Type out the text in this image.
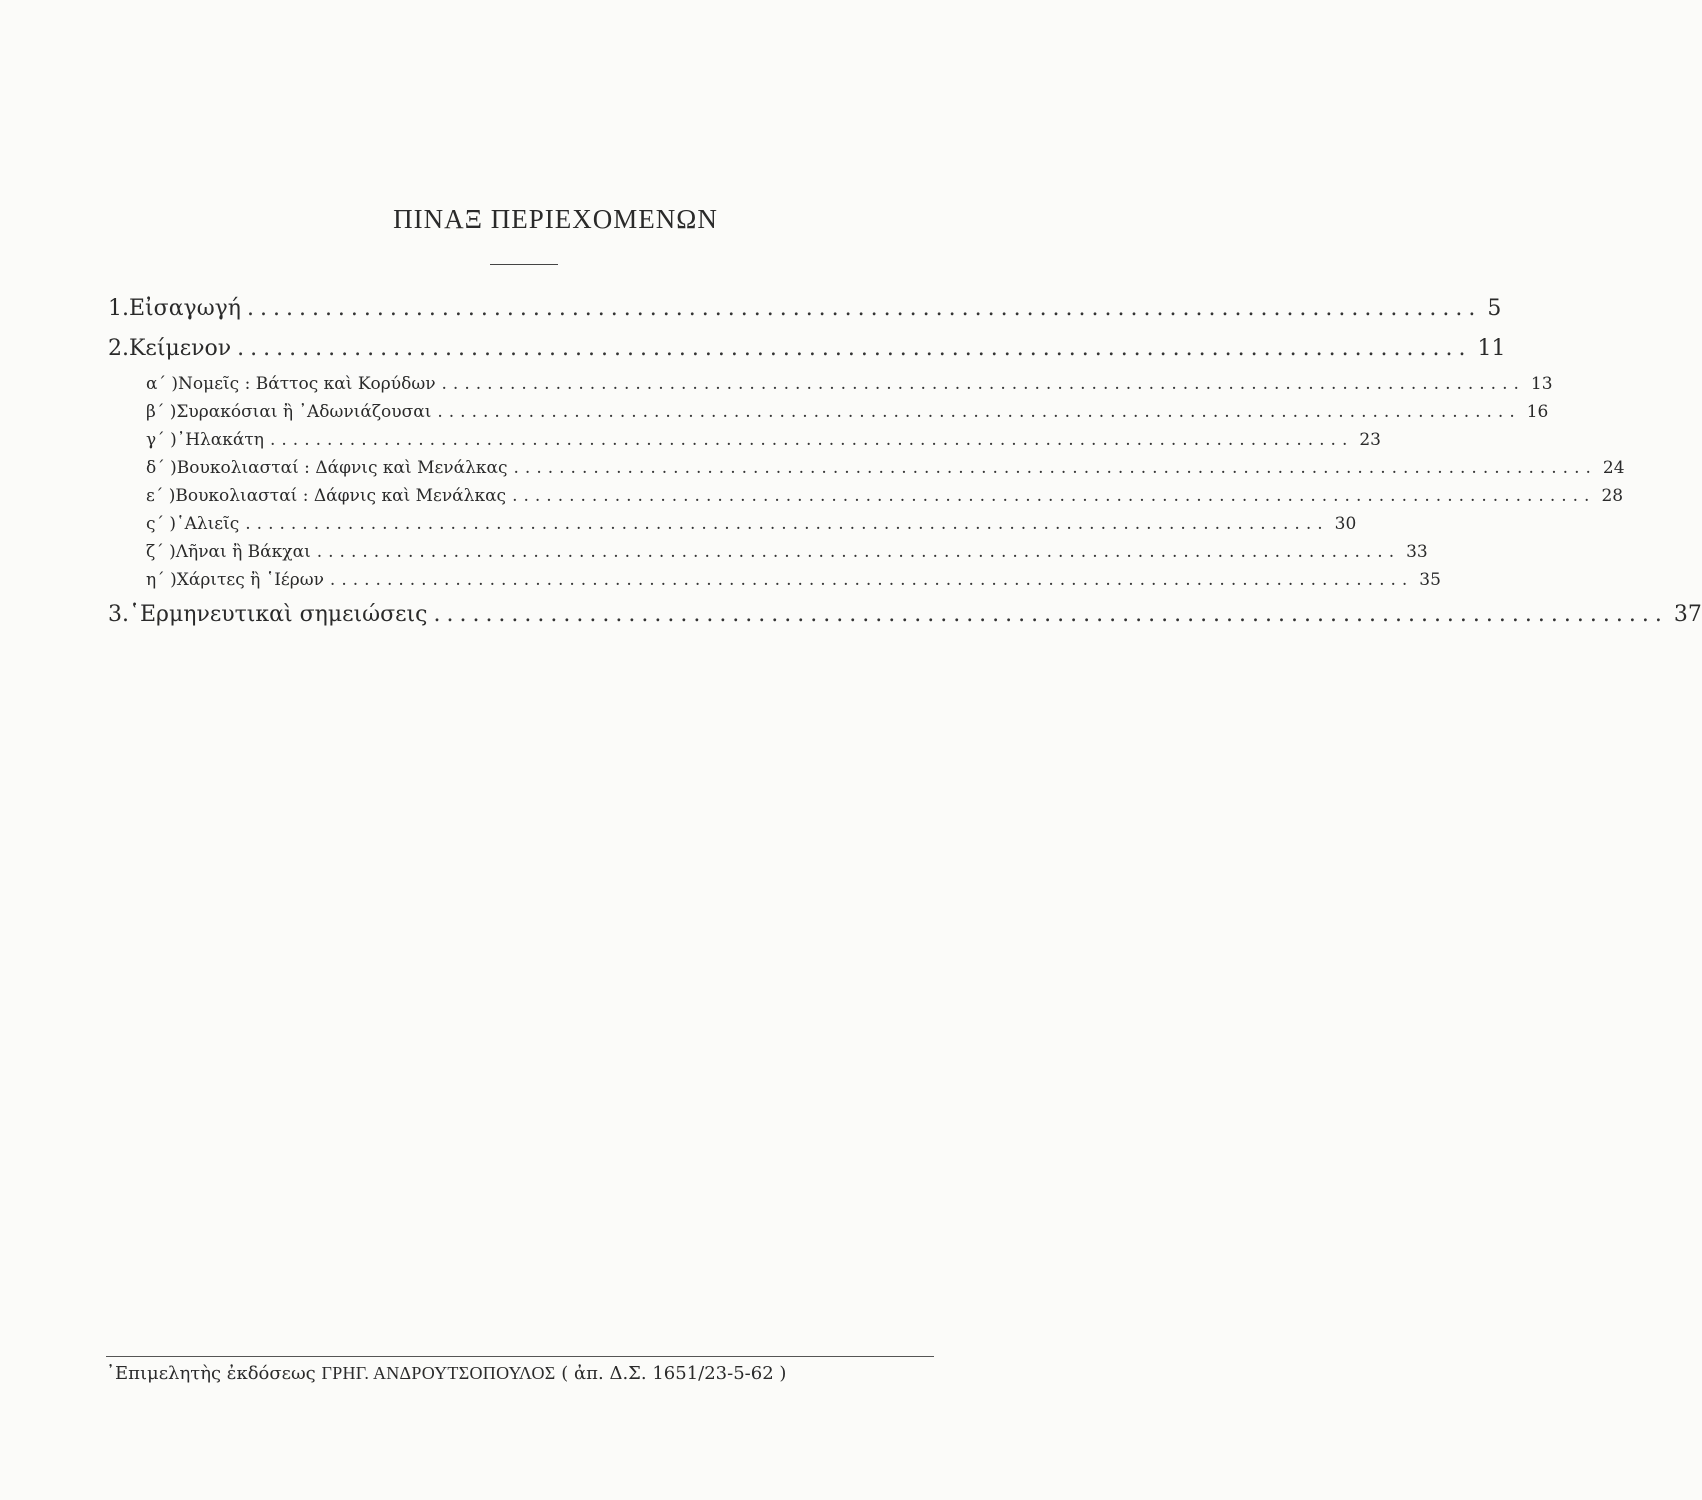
ΠΙΝΑΞ ΠΕΡΙΕΧΟΜΕΝΩΝ
1. Εἰσαγωγή ............................................................................................... 5
2. Κείμενον ............................................................................................... 11
α΄ ) Νομεῖς : Βάττος καὶ Κορύδων ............................................................................................... 13
β΄ ) Συρακόσιαι ἢ ᾿Αδωνιάζουσαι ............................................................................................... 16
γ΄ ) ᾿Ηλακάτη ............................................................................................... 23
δ΄ ) Βουκολιασταί : Δάφνις καὶ Μενάλκας ............................................................................................... 24
ε΄ ) Βουκολιασταί : Δάφνις καὶ Μενάλκας ............................................................................................... 28
ς΄ ) ῾Αλιεῖς ............................................................................................... 30
ζ΄ ) Λῆναι ἢ Βάκχαι ............................................................................................... 33
η΄ ) Χάριτες ἢ ῾Ιέρων ............................................................................................... 35
3. ῾Ερμηνευτικαὶ σημειώσεις ............................................................................................... 37
᾿Επιμελητὴς ἐκδόσεως ΓΡΗΓ. ΑΝΔΡΟΥΤΣΟΠΟΥΛΟΣ ( ἀπ. Δ.Σ. 1651/23-5-62 )
